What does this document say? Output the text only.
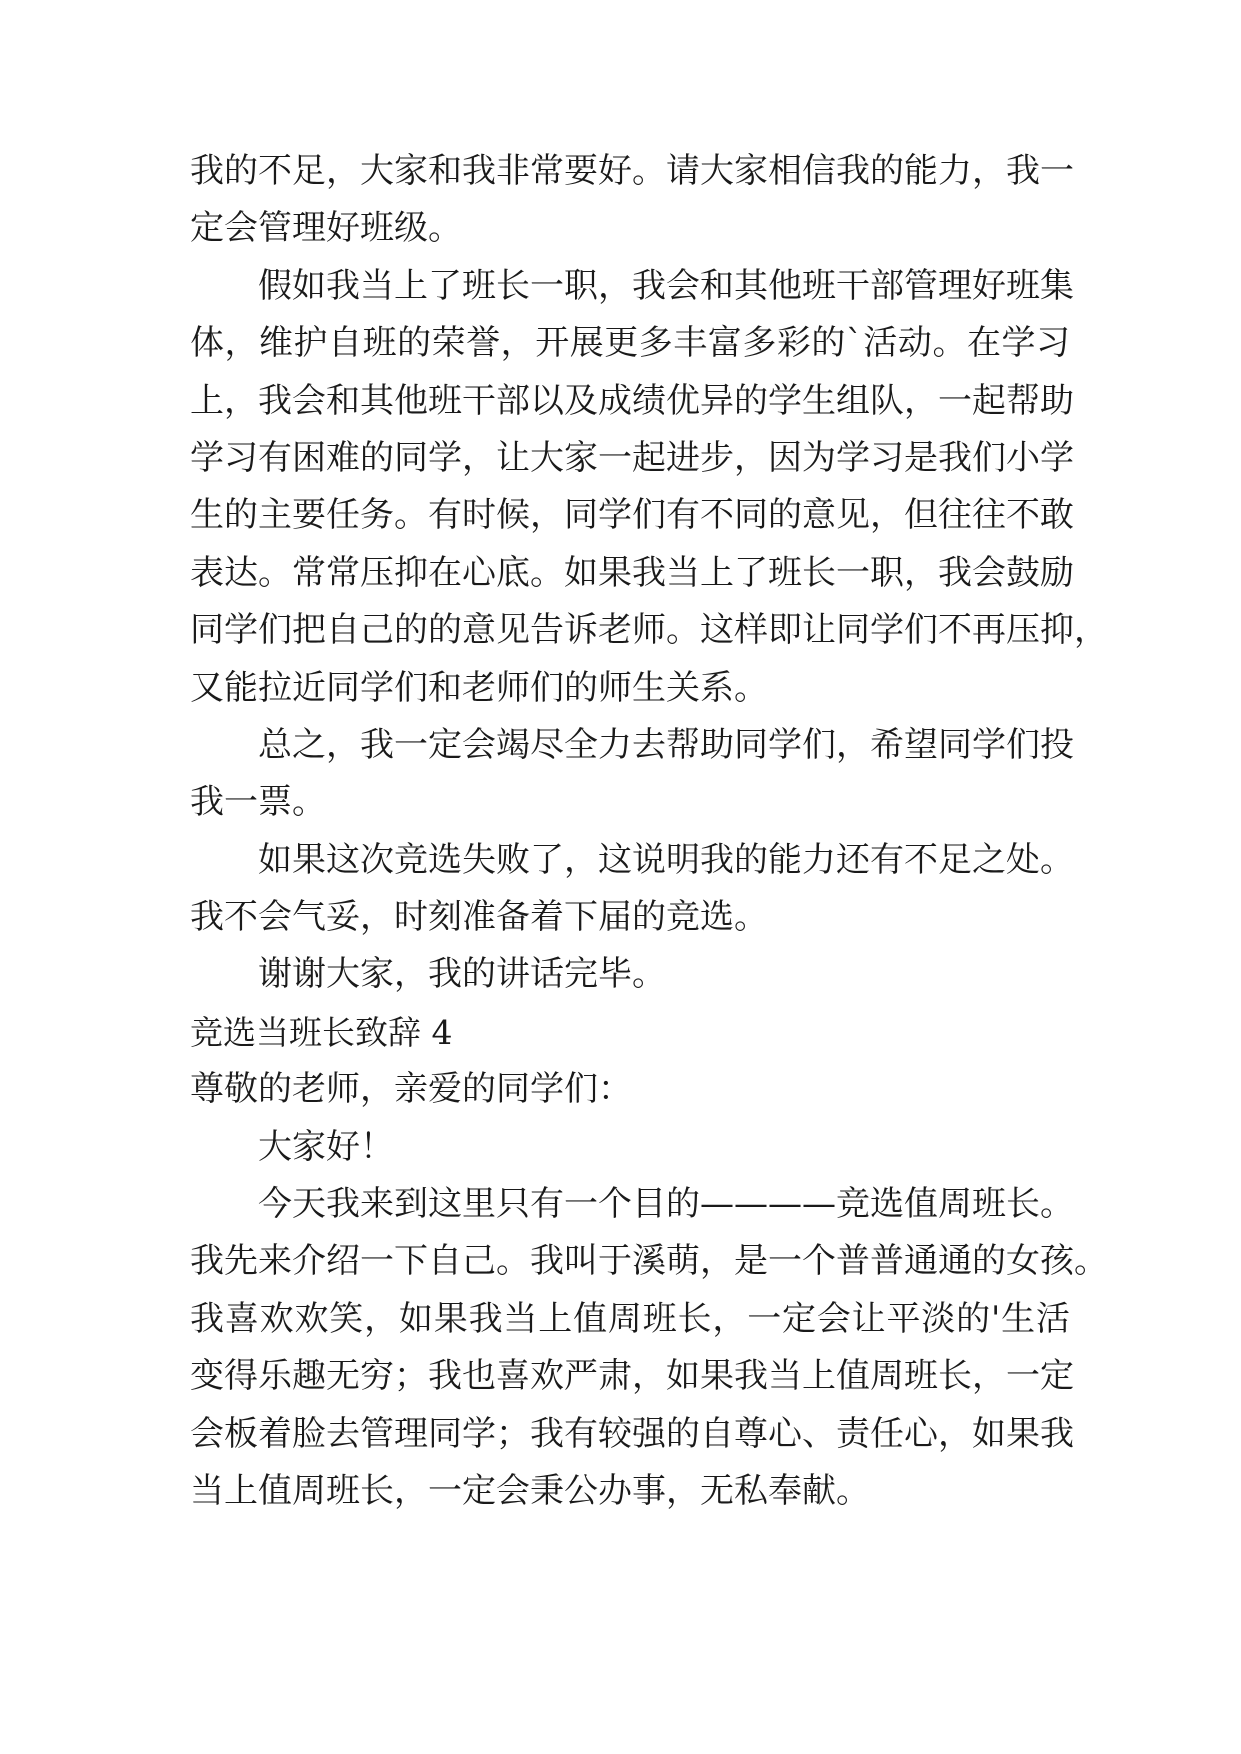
我的不足，大家和我非常要好。请大家相信我的能力，我一
定会管理好班级。
假如我当上了班长一职，我会和其他班干部管理好班集
体，维护自班的荣誉，开展更多丰富多彩的`活动。在学习
上，我会和其他班干部以及成绩优异的学生组队，一起帮助
学习有困难的同学，让大家一起进步，因为学习是我们小学
生的主要任务。有时候，同学们有不同的意见，但往往不敢
表达。常常压抑在心底。如果我当上了班长一职，我会鼓励
同学们把自己的的意见告诉老师。这样即让同学们不再压抑，
又能拉近同学们和老师们的师生关系。
总之，我一定会竭尽全力去帮助同学们，希望同学们投
我一票。
如果这次竞选失败了，这说明我的能力还有不足之处。
我不会气妥，时刻准备着下届的竞选。
谢谢大家，我的讲话完毕。
竞选当班长致辞 4
尊敬的老师，亲爱的同学们：
大家好！
今天我来到这里只有一个目的————竞选值周班长。
我先来介绍一下自己。我叫于溪萌，是一个普普通通的女孩。
我喜欢欢笑，如果我当上值周班长，一定会让平淡的'生活
变得乐趣无穷；我也喜欢严肃，如果我当上值周班长，一定
会板着脸去管理同学；我有较强的自尊心、责任心，如果我
当上值周班长，一定会秉公办事，无私奉献。
